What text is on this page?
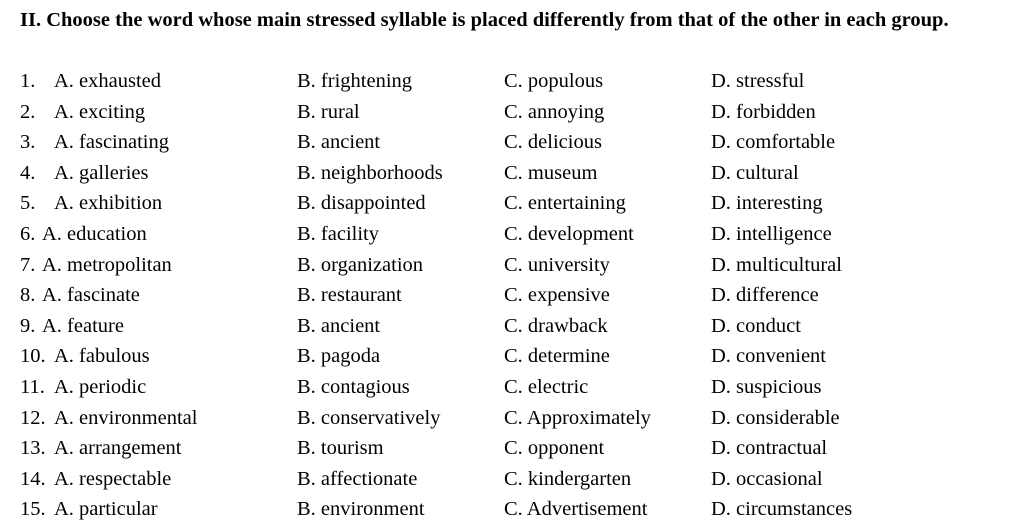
II. Choose the word whose main stressed syllable is placed differently from that of the other in each group.
1. A. exhausted	B. frightening	C. populous	D. stressful
2. A. exciting	B. rural	C. annoying	D. forbidden
3. A. fascinating	B. ancient	C. delicious	D. comfortable
4. A. galleries	B. neighborhoods	C. museum	D. cultural
5. A. exhibition	B. disappointed	C. entertaining	D. interesting
6. A. education	B. facility	C. development	D. intelligence
7. A. metropolitan	B. organization	C. university	D. multicultural
8. A. fascinate	B. restaurant	C. expensive	D. difference
9. A. feature	B. ancient	C. drawback	D. conduct
10. A. fabulous	B. pagoda	C. determine	D. convenient
11. A. periodic	B. contagious	C. electric	D. suspicious
12. A. environmental	B. conservatively	C. Approximately	D. considerable
13. A. arrangement	B. tourism	C. opponent	D. contractual
14. A. respectable	B. affectionate	C. kindergarten	D. occasional
15. A. particular	B. environment	C. Advertisement	D. circumstances
